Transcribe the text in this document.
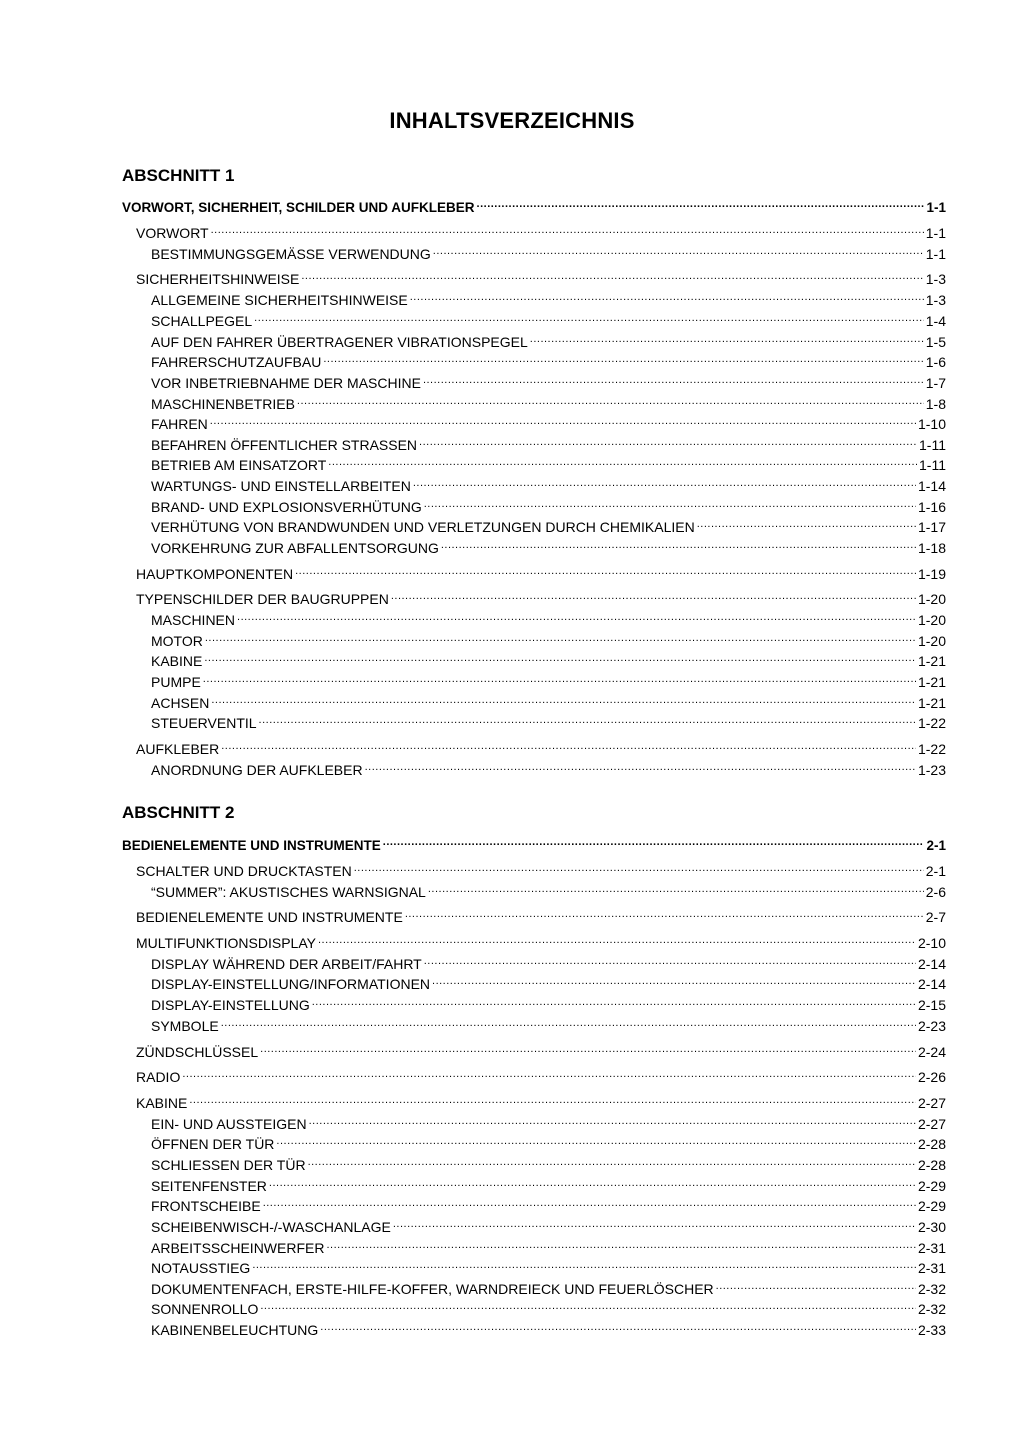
INHALTSVERZEICHNIS
ABSCHNITT 1
ABSCHNITT 2
VORWORT, SICHERHEIT, SCHILDER UND AUFKLEBER .....	1-1
VORWORT .....	1-1
BESTIMMUNGSGEMÄSSE VERWENDUNG .....	1-1
SICHERHEITSHINWEISE .....	1-3
ALLGEMEINE SICHERHEITSHINWEISE .....	1-3
SCHALLPEGEL .....	1-4
AUF DEN FAHRER ÜBERTRAGENER VIBRATIONSPEGEL .....	1-5
FAHRERSCHUTZAUFBAU .....	1-6
VOR INBETRIEBNAHME DER MASCHINE .....	1-7
MASCHINENBETRIEB .....	1-8
FAHREN .....	1-10
BEFAHREN ÖFFENTLICHER STRASSEN .....	1-11
BETRIEB AM EINSATZORT .....	1-11
WARTUNGS- UND EINSTELLARBEITEN .....	1-14
BRAND- UND EXPLOSIONSVERHÜTUNG .....	1-16
VERHÜTUNG VON BRANDWUNDEN UND VERLETZUNGEN DURCH CHEMIKALIEN .....	1-17
VORKEHRUNG ZUR ABFALLENTSORGUNG .....	1-18
HAUPTKOMPONENTEN .....	1-19
TYPENSCHILDER DER BAUGRUPPEN .....	1-20
MASCHINEN .....	1-20
MOTOR .....	1-20
KABINE .....	1-21
PUMPE .....	1-21
ACHSEN .....	1-21
STEUERVENTIL .....	1-22
AUFKLEBER .....	1-22
ANORDNUNG DER AUFKLEBER .....	1-23
BEDIENELEMENTE UND INSTRUMENTE .....	2-1
SCHALTER UND DRUCKTASTEN .....	2-1
“SUMMER”: AKUSTISCHES WARNSIGNAL .....	2-6
BEDIENELEMENTE UND INSTRUMENTE .....	2-7
MULTIFUNKTIONSDISPLAY .....	2-10
DISPLAY WÄHREND DER ARBEIT/FAHRT .....	2-14
DISPLAY-EINSTELLUNG/INFORMATIONEN .....	2-14
DISPLAY-EINSTELLUNG .....	2-15
SYMBOLE .....	2-23
ZÜNDSCHLÜSSEL .....	2-24
RADIO .....	2-26
KABINE .....	2-27
EIN- UND AUSSTEIGEN .....	2-27
ÖFFNEN DER TÜR .....	2-28
SCHLIESSEN DER TÜR .....	2-28
SEITENFENSTER .....	2-29
FRONTSCHEIBE .....	2-29
SCHEIBENWISCH-/-WASCHANLAGE .....	2-30
ARBEITSSCHEINWERFER .....	2-31
NOTAUSSTIEG .....	2-31
DOKUMENTENFACH, ERSTE-HILFE-KOFFER, WARNDREIECK UND FEUERLÖSCHER .....	2-32
SONNENROLLO .....	2-32
KABINENBELEUCHTUNG .....	2-33
